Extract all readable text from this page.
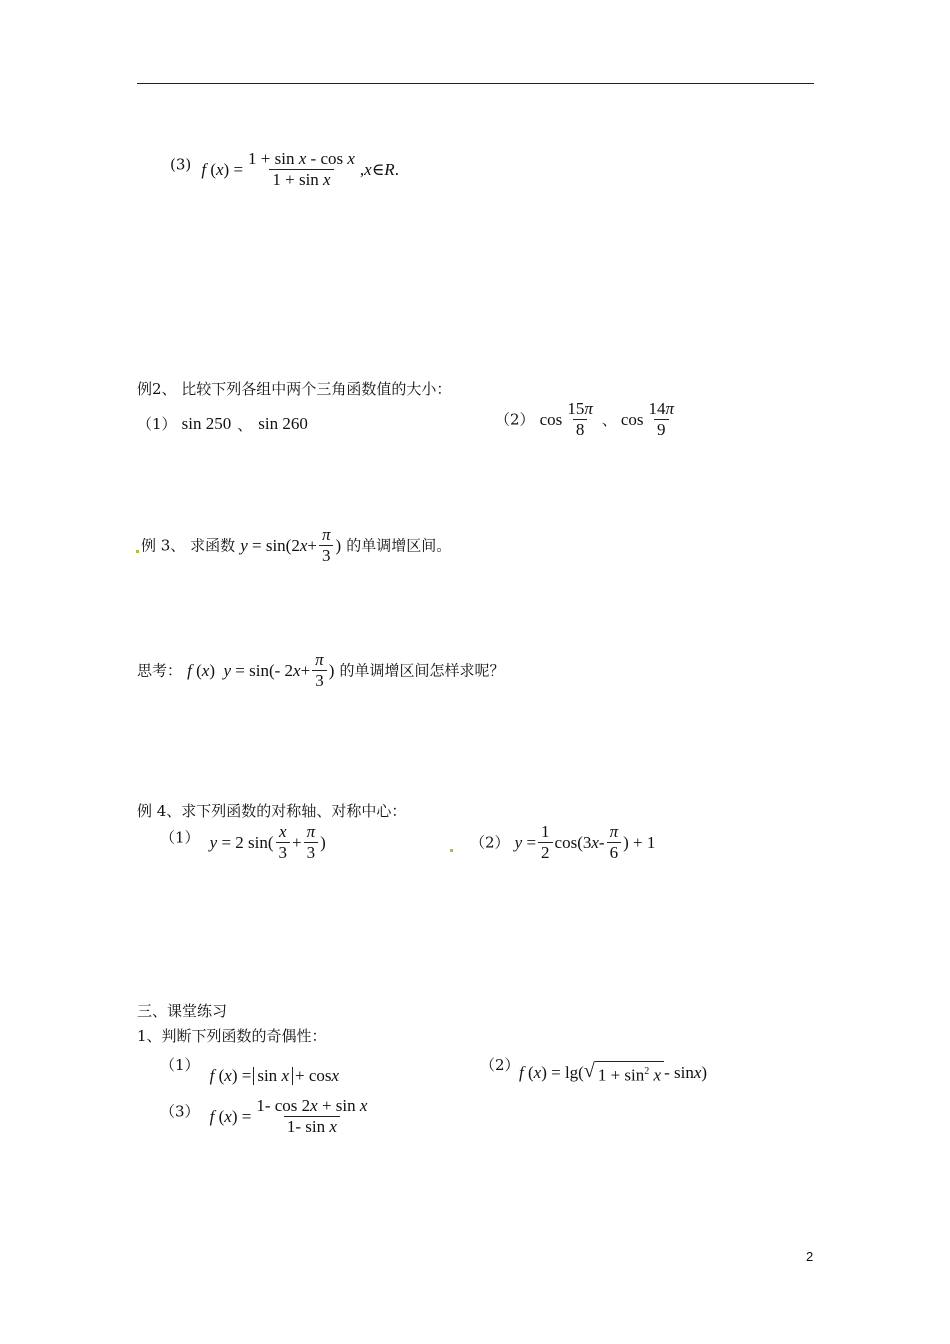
(3) f ( x ) = $\frac{\text{1 + sin x - cos x}}{\text{1 + sin x}}$ , x ∈ R .
例2、 比较下列各组中两个三角函数值的大小：
（1） sin 250 、 sin 260	（2） $\cos \frac{15\pi}{8}$ 、 $\cos \frac{14\pi}{9}$
例 3、 求函数 y = sin(2 $x + \frac{\pi}{3}$ ) 的单调增区间。
思考： f ( x ) y = sin(- 2 $x + \frac{\pi}{3}$ ) 的单调增区间怎样求呢？
例 4、求下列函数的对称轴、对称中心：
（1） y = 2 $\sin( \frac{x}{3} + \frac{\pi}{3}$ )	（2） $y = \frac{1}{2} \cos(3$ x - $\frac{\pi}{6}$ ) + 1
三、课堂练习
1、判断下列函数的奇偶性：
（1）
f ( x ) = sin x + cos x
（2） f ( x ) = lg( √ $1 + \sin^2 x - \sin x$ )
（3） f ( x ) = $\frac{\text{1- cos 2x + sin x}}{\text{1- sin x}}$
2
